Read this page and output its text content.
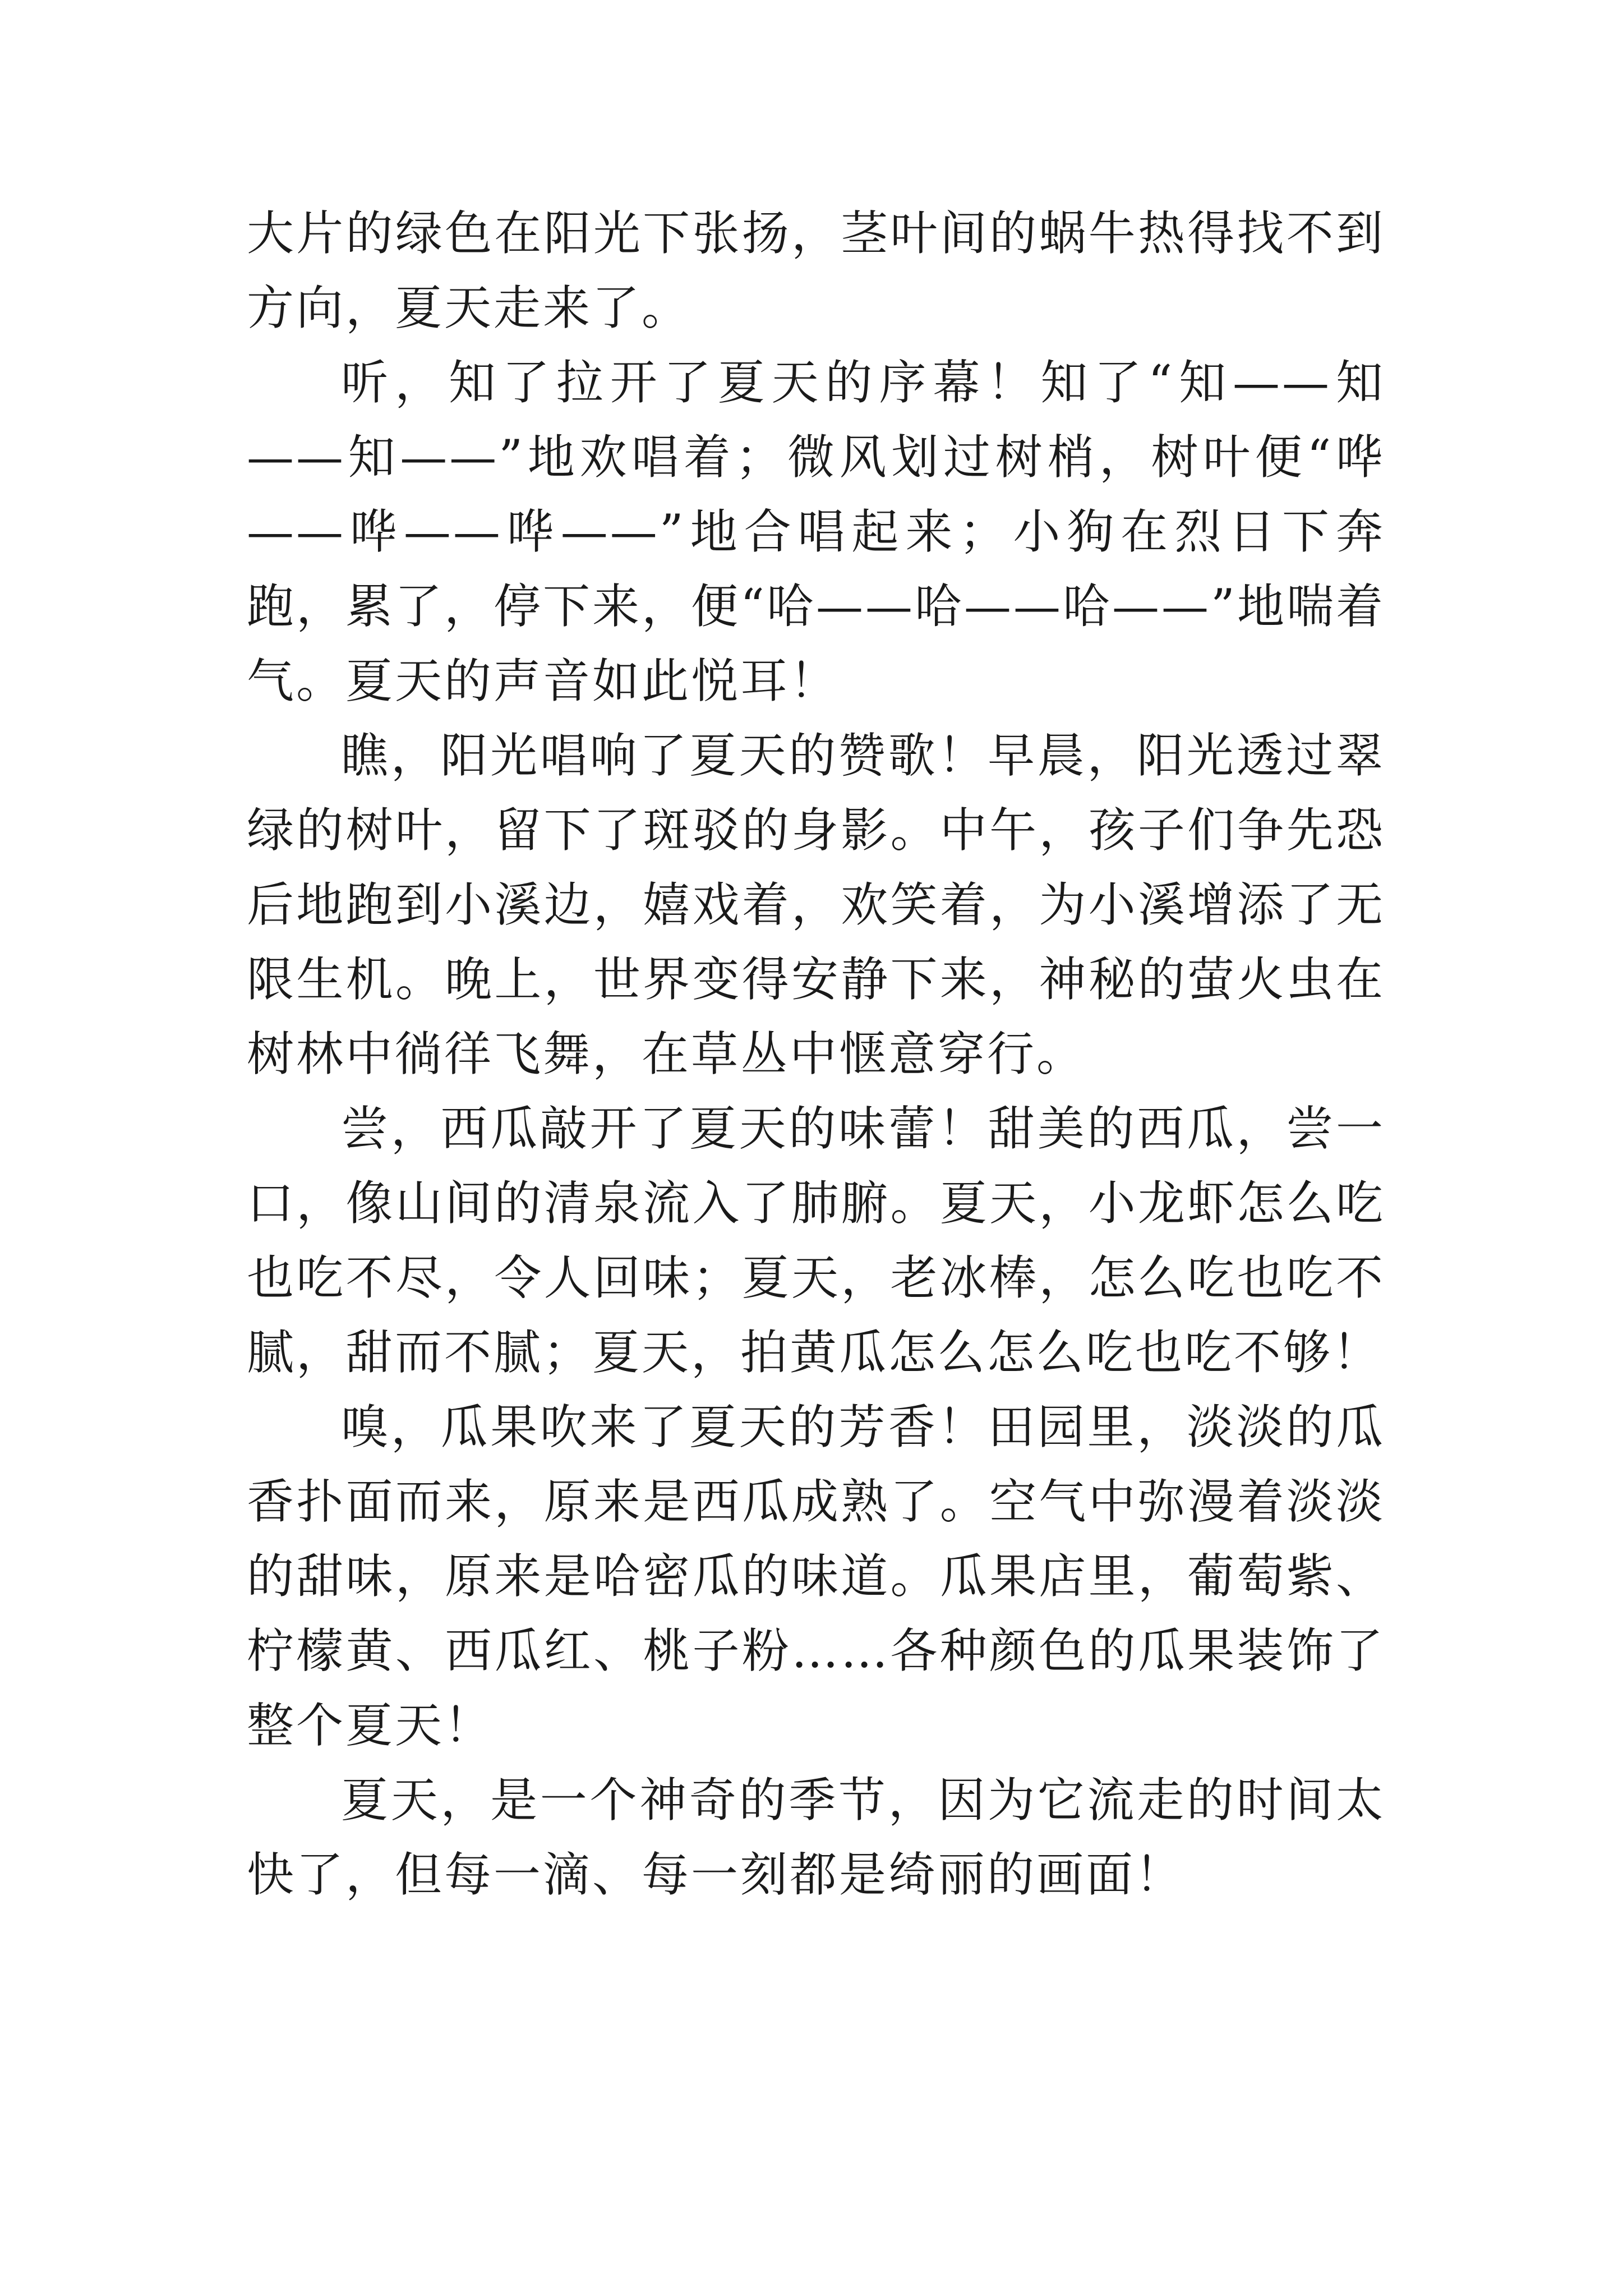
大片的绿色在阳光下张扬，茎叶间的蜗牛热得找不到方向，夏天走来了。

听，知了拉开了夏天的序幕！知了“知——知——知——”地欢唱着；微风划过树梢，树叶便“哗——哗——哗——”地合唱起来；小狗在烈日下奔跑，累了，停下来，便“哈——哈——哈——”地喘着气。夏天的声音如此悦耳！

瞧，阳光唱响了夏天的赞歌！早晨，阳光透过翠绿的树叶，留下了斑驳的身影。中午，孩子们争先恐后地跑到小溪边，嬉戏着，欢笑着，为小溪增添了无限生机。晚上，世界变得安静下来，神秘的萤火虫在树林中徜徉飞舞，在草丛中惬意穿行。

尝，西瓜敲开了夏天的味蕾！甜美的西瓜，尝一口，像山间的清泉流入了肺腑。夏天，小龙虾怎么吃也吃不尽，令人回味；夏天，老冰棒，怎么吃也吃不腻，甜而不腻；夏天，拍黄瓜怎么怎么吃也吃不够！

嗅，瓜果吹来了夏天的芳香！田园里，淡淡的瓜香扑面而来，原来是西瓜成熟了。空气中弥漫着淡淡的甜味，原来是哈密瓜的味道。瓜果店里，葡萄紫、柠檬黄、西瓜红、桃子粉……各种颜色的瓜果装饰了整个夏天！

夏天，是一个神奇的季节，因为它流走的时间太快了，但每一滴、每一刻都是绮丽的画面！
